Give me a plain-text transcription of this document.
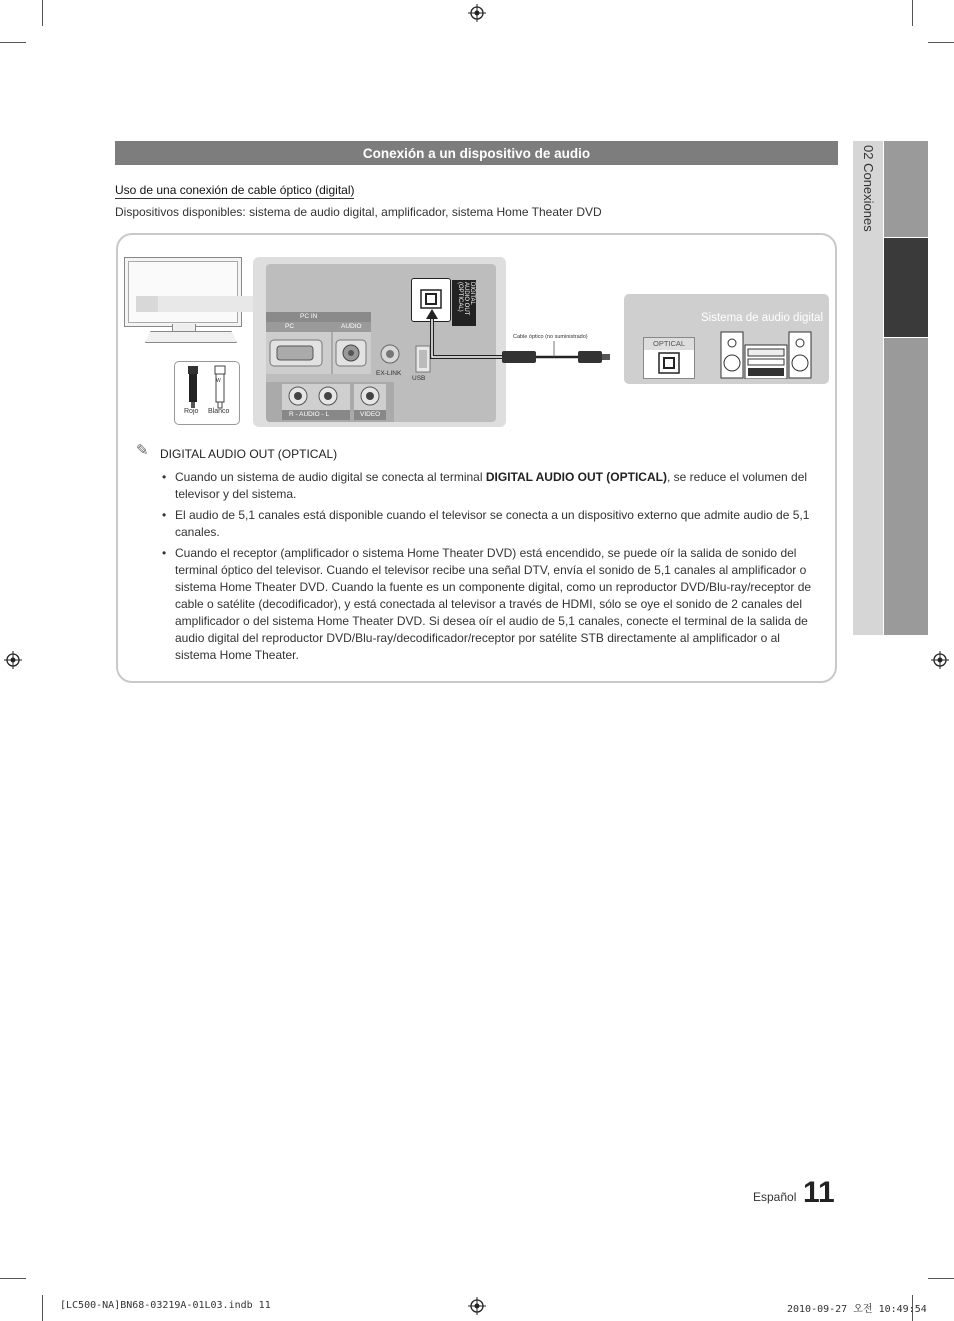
Conexión a un dispositivo de audio
Uso de una conexión de cable óptico (digital)
Dispositivos disponibles: sistema de audio digital, amplificador, sistema Home Theater DVD
W
Rojo Blanco
PC IN
PC	AUDIO
EX-LINK
USB
R - AUDIO - L	VIDEO
DIGITAL AUDIO OUT (OPTICAL)
Cable óptico (no suministrado)
Sistema de audio digital
OPTICAL
✎ DIGITAL AUDIO OUT (OPTICAL)
• Cuando un sistema de audio digital se conecta al terminal DIGITAL AUDIO OUT (OPTICAL), se reduce el volumen del televisor y del sistema.
• El audio de 5,1 canales está disponible cuando el televisor se conecta a un dispositivo externo que admite audio de 5,1 canales.
• Cuando el receptor (amplificador o sistema Home Theater DVD) está encendido, se puede oír la salida de sonido del terminal óptico del televisor. Cuando el televisor recibe una señal DTV, envía el sonido de 5,1 canales al amplificador o sistema Home Theater DVD. Cuando la fuente es un componente digital, como un reproductor DVD/Blu-ray/receptor de cable o satélite (decodificador), y está conectada al televisor a través de HDMI, sólo se oye el sonido de 2 canales del amplificador o del sistema Home Theater DVD. Si desea oír el audio de 5,1 canales, conecte el terminal de la salida de audio digital del reproductor DVD/Blu-ray/decodificador/receptor por satélite STB directamente al amplificador o al sistema Home Theater.
02 Conexiones
Español 11
[LC500-NA]BN68-03219A-01L03.indb 11	2010-09-27 오전 10:49:54
